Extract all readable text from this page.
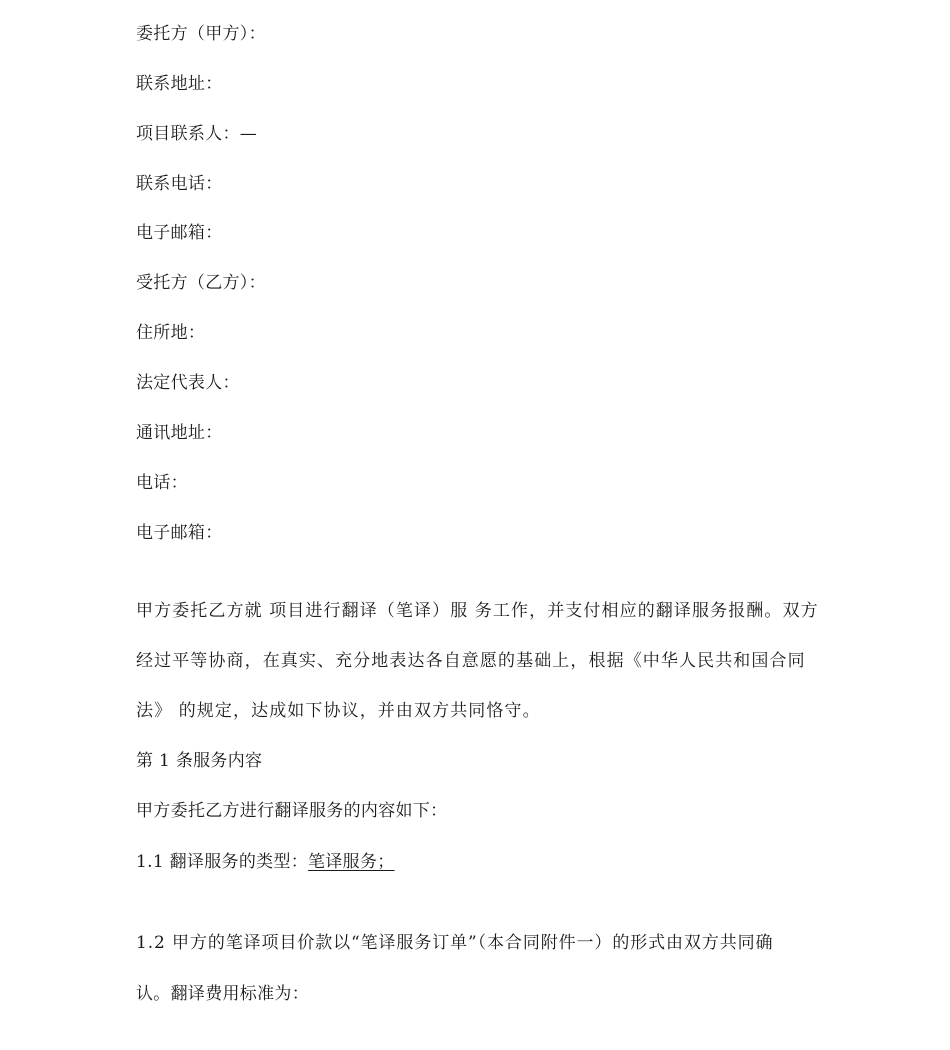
委托方（甲方）：
联系地址：
项目联系人：—
联系电话：
电子邮箱：
受托方（乙方）：
住所地：
法定代表人：
通讯地址：
电话：
电子邮箱：
甲方委托乙方就 项目进行翻译（笔译）服 务工作，并支付相应的翻译服务报酬。双方
经过平等协商，在真实、充分地表达各自意愿的基础上，根据《中华人民共和国合同
法》 的规定，达成如下协议，并由双方共同恪守。
第 1 条服务内容
甲方委托乙方进行翻译服务的内容如下：
1.1 翻译服务的类型：笔译服务；
1.2 甲方的笔译项目价款以“笔译服务订单”（本合同附件一）的形式由双方共同确
认。翻译费用标准为：
